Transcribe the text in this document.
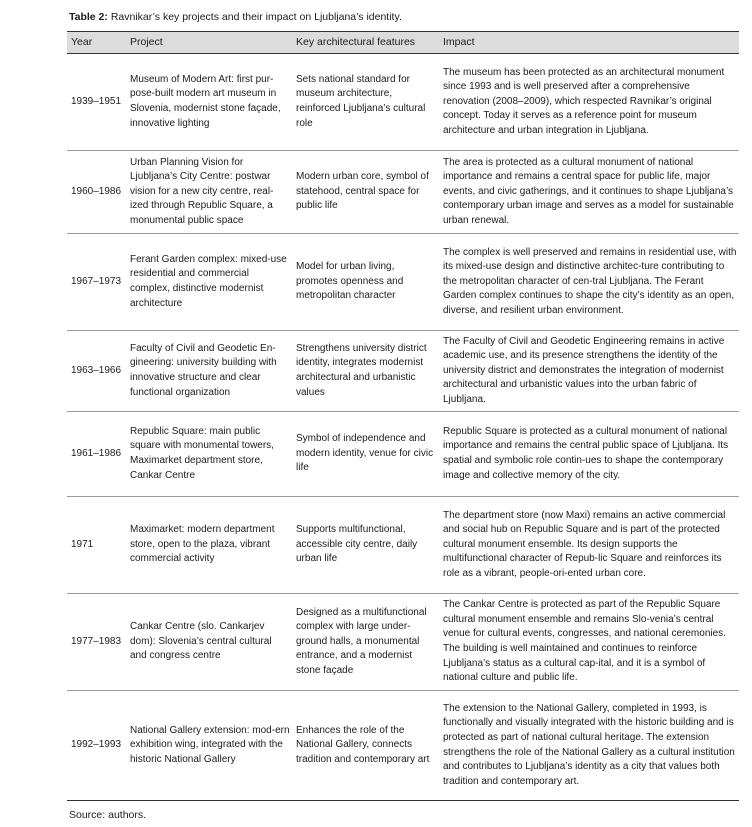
Table 2: Ravnikar’s key projects and their impact on Ljubljana’s identity.
Year	Project	Key architectural features	Impact
1939–1951	Museum of Modern Art: first pur-pose-built modern art museum in Slovenia, modernist stone façade, innovative lighting	Sets national standard for museum architecture, reinforced Ljubljana’s cultural role	The museum has been protected as an architectural monument since 1993 and is well preserved after a comprehensive renovation (2008–2009), which respected Ravnikar’s original concept. Today it serves as a reference point for museum architecture and urban integration in Ljubljana.
1960–1986	Urban Planning Vision for Ljubljana’s City Centre: postwar vision for a new city centre, real-ized through Republic Square, a monumental public space	Modern urban core, symbol of statehood, central space for public life	The area is protected as a cultural monument of national importance and remains a central space for public life, major events, and civic gatherings, and it continues to shape Ljubljana’s contemporary urban image and serves as a model for sustainable urban renewal.
1967–1973	Ferant Garden complex: mixed-use residential and commercial complex, distinctive modernist architecture	Model for urban living, promotes openness and metropolitan character	The complex is well preserved and remains in residential use, with its mixed-use design and distinctive architec-ture contributing to the metropolitan character of cen-tral Ljubljana. The Ferant Garden complex continues to shape the city’s identity as an open, diverse, and resilient urban environment.
1963–1966	Faculty of Civil and Geodetic En-gineering: university building with innovative structure and clear functional organization	Strengthens university district identity, integrates modernist architectural and urbanistic values	The Faculty of Civil and Geodetic Engineering remains in active academic use, and its presence strengthens the identity of the university district and demonstrates the integration of modernist architectural and urbanistic values into the urban fabric of Ljubljana.
1961–1986	Republic Square: main public square with monumental towers, Maximarket department store, Cankar Centre	Symbol of independence and modern identity, venue for civic life	Republic Square is protected as a cultural monument of national importance and remains the central public space of Ljubljana. Its spatial and symbolic role contin-ues to shape the contemporary image and collective memory of the city.
1971	Maximarket: modern department store, open to the plaza, vibrant commercial activity	Supports multifunctional, accessible city centre, daily urban life	The department store (now Maxi) remains an active commercial and social hub on Republic Square and is part of the protected cultural monument ensemble. Its design supports the multifunctional character of Repub-lic Square and reinforces its role as a vibrant, people-ori-ented urban core.
1977–1983	Cankar Centre (slo. Cankarjev dom): Slovenia’s central cultural and congress centre	Designed as a multifunctional complex with large under-ground halls, a monumental entrance, and a modernist stone façade	The Cankar Centre is protected as part of the Republic Square cultural monument ensemble and remains Slo-venia’s central venue for cultural events, congresses, and national ceremonies. The building is well maintained and continues to reinforce Ljubljana’s status as a cultural cap-ital, and it is a symbol of national culture and public life.
1992–1993	National Gallery extension: mod-ern exhibition wing, integrated with the historic National Gallery	Enhances the role of the National Gallery, connects tradition and contemporary art	The extension to the National Gallery, completed in 1993, is functionally and visually integrated with the historic building and is protected as part of national cultural heritage. The extension strengthens the role of the National Gallery as a cultural institution and contributes to Ljubljana’s identity as a city that values both tradition and contemporary art.
Source: authors.
